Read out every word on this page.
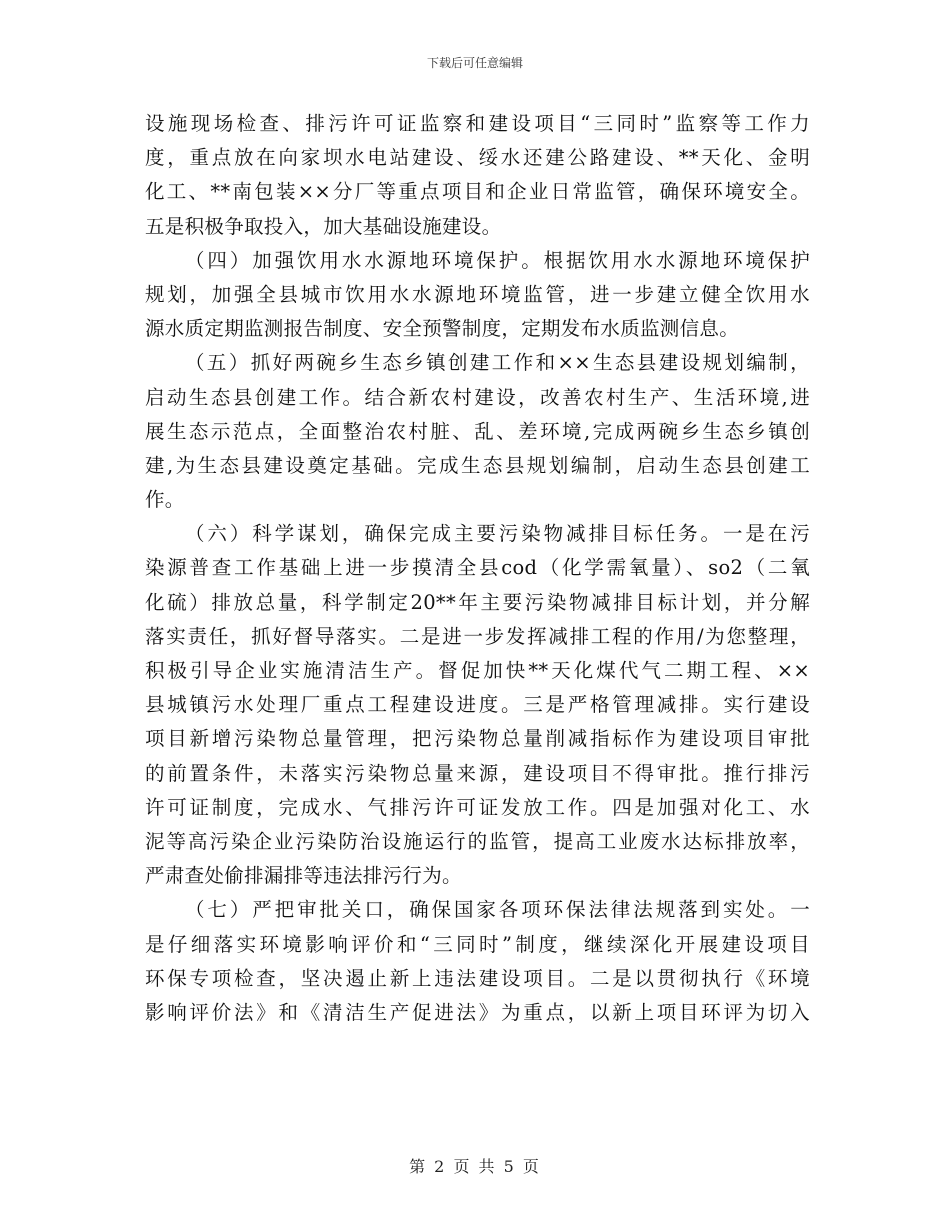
下载后可任意编辑
设施现场检查、排污许可证监察和建设项目“三同时”监察等工作力
度，重点放在向家坝水电站建设、绥水还建公路建设、**天化、金明
化工、**南包装××分厂等重点项目和企业日常监管，确保环境安全。
五是积极争取投入，加大基础设施建设。
（四）加强饮用水水源地环境保护。根据饮用水水源地环境保护
规划，加强全县城市饮用水水源地环境监管，进一步建立健全饮用水
源水质定期监测报告制度、安全预警制度，定期发布水质监测信息。
（五）抓好两碗乡生态乡镇创建工作和××生态县建设规划编制，
启动生态县创建工作。结合新农村建设，改善农村生产、生活环境,进
展生态示范点，全面整治农村脏、乱、差环境,完成两碗乡生态乡镇创
建,为生态县建设奠定基础。完成生态县规划编制，启动生态县创建工
作。
（六）科学谋划，确保完成主要污染物减排目标任务。一是在污
染源普查工作基础上进一步摸清全县cod（化学需氧量）、so2（二氧
化硫）排放总量，科学制定20**年主要污染物减排目标计划，并分解
落实责任，抓好督导落实。二是进一步发挥减排工程的作用/为您整理，
积极引导企业实施清洁生产。督促加快**天化煤代气二期工程、××
县城镇污水处理厂重点工程建设进度。三是严格管理减排。实行建设
项目新增污染物总量管理，把污染物总量削减指标作为建设项目审批
的前置条件，未落实污染物总量来源，建设项目不得审批。推行排污
许可证制度，完成水、气排污许可证发放工作。四是加强对化工、水
泥等高污染企业污染防治设施运行的监管，提高工业废水达标排放率，
严肃查处偷排漏排等违法排污行为。
（七）严把审批关口，确保国家各项环保法律法规落到实处。一
是仔细落实环境影响评价和“三同时”制度，继续深化开展建设项目
环保专项检查，坚决遏止新上违法建设项目。二是以贯彻执行《环境
影响评价法》和《清洁生产促进法》为重点，以新上项目环评为切入
第 2 页 共 5 页
